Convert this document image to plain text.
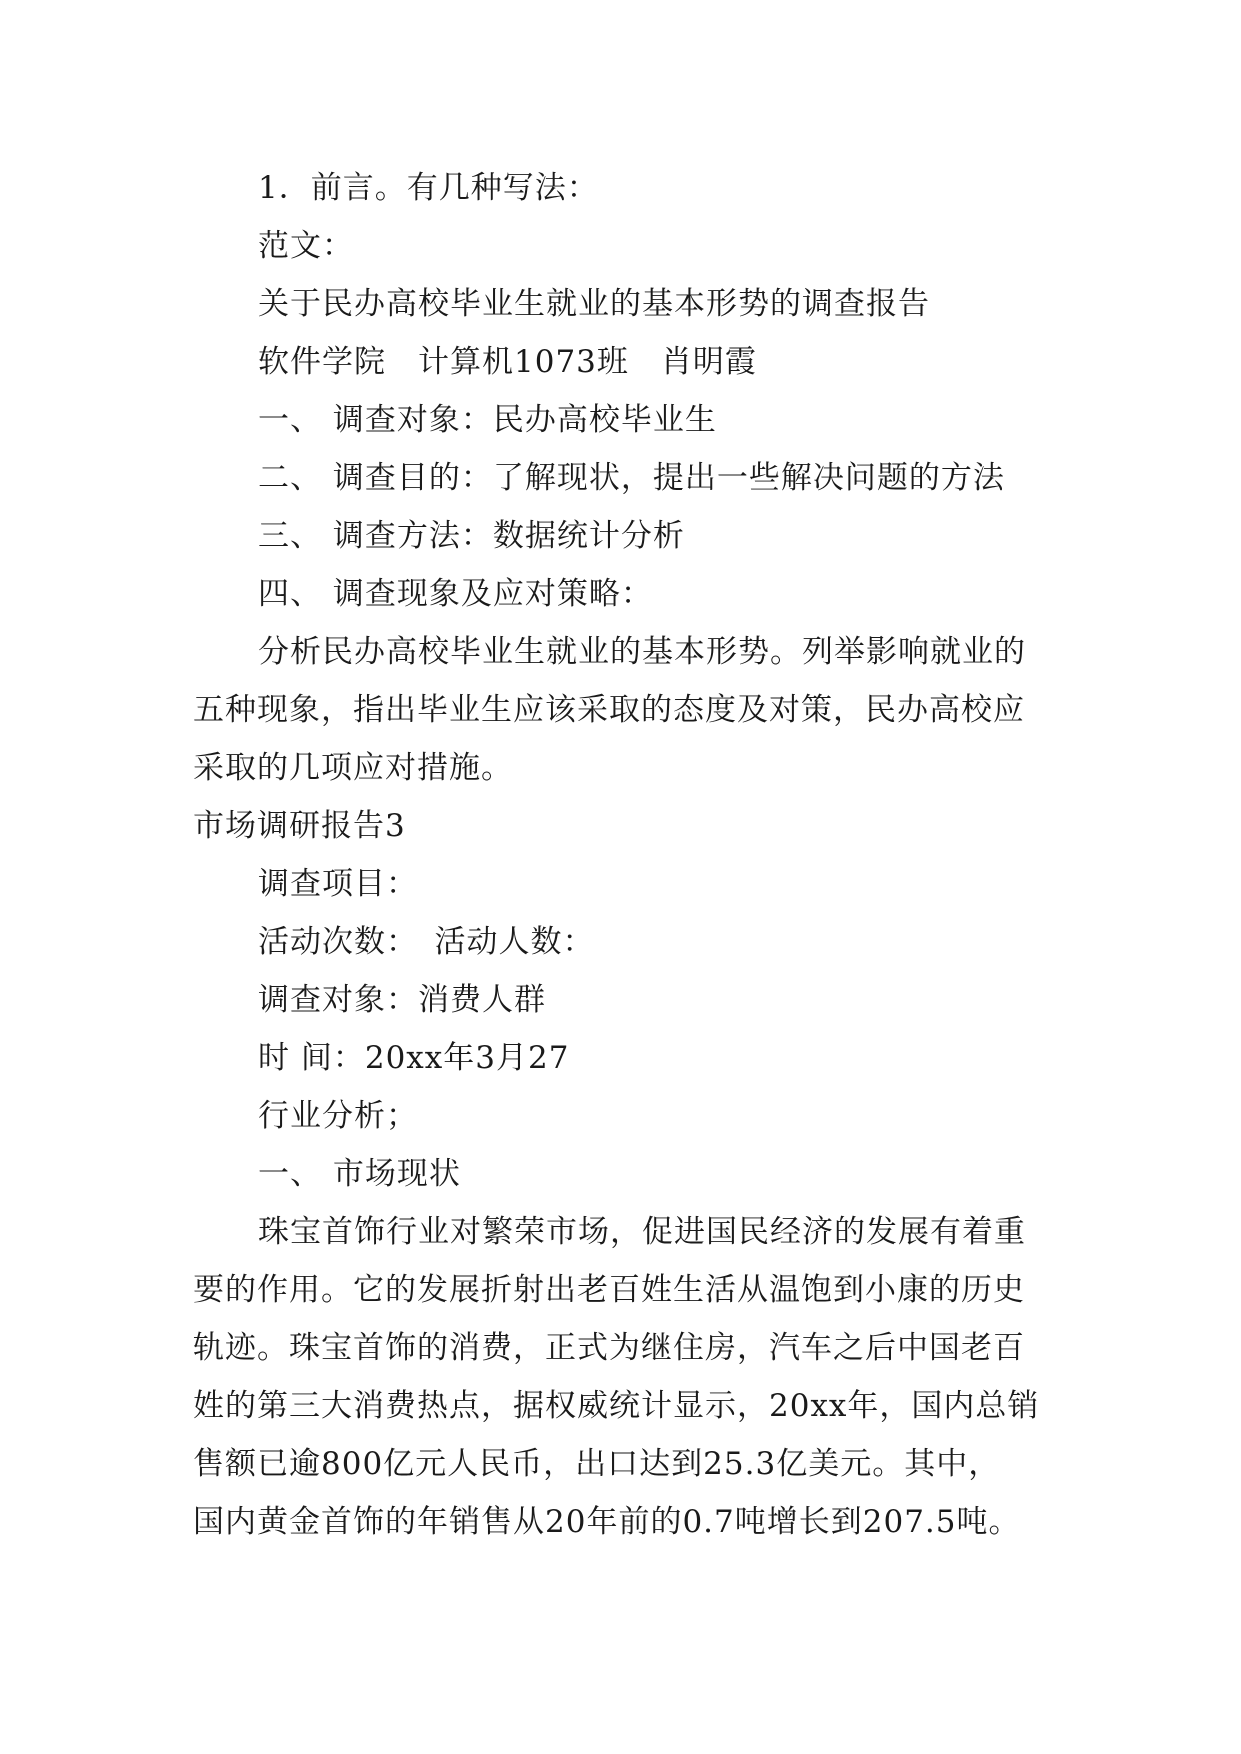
1．前言。有几种写法：
范文：
关于民办高校毕业生就业的基本形势的调查报告
软件学院　计算机1073班　肖明霞
一、 调查对象：民办高校毕业生
二、 调查目的：了解现状，提出一些解决问题的方法
三、 调查方法：数据统计分析
四、 调查现象及应对策略：
分析民办高校毕业生就业的基本形势。列举影响就业的
五种现象，指出毕业生应该采取的态度及对策，民办高校应
采取的几项应对措施。
市场调研报告3
调查项目：
活动次数：　活动人数：
调查对象：消费人群
时 间：20xx年3月27
行业分析；
一、 市场现状
珠宝首饰行业对繁荣市场，促进国民经济的发展有着重
要的作用。它的发展折射出老百姓生活从温饱到小康的历史
轨迹。珠宝首饰的消费，正式为继住房，汽车之后中国老百
姓的第三大消费热点，据权威统计显示，20xx年，国内总销
售额已逾800亿元人民币，出口达到25.3亿美元。其中，
国内黄金首饰的年销售从20年前的0.7吨增长到207.5吨。
